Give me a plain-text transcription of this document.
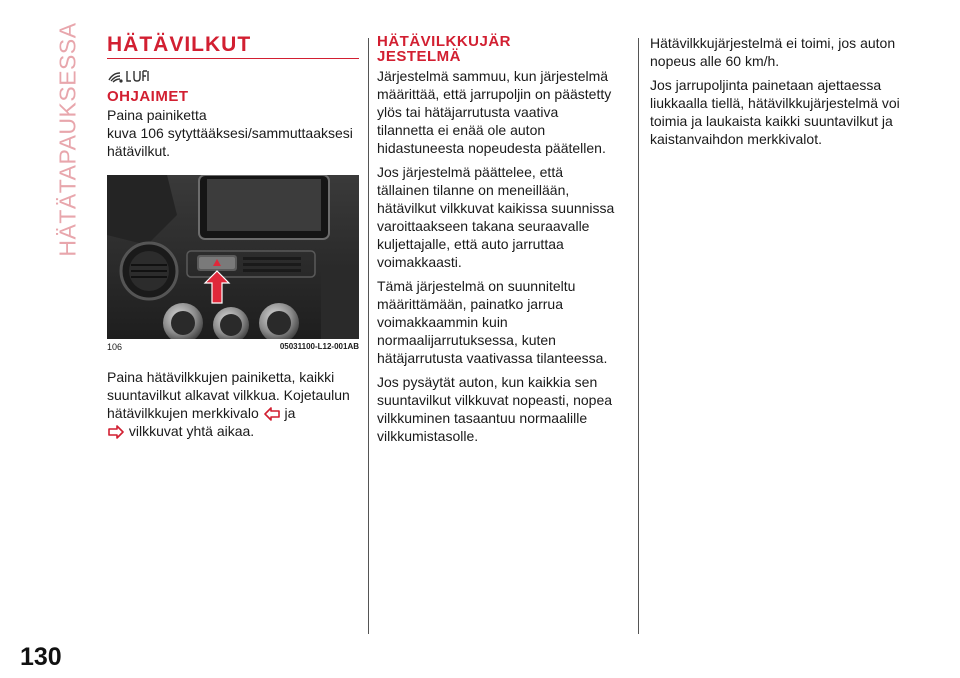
HÄTÄTAPAUKSESSA HÄTÄVILKUT
OHJAIMET

Paina painiketta
kuva 106 sytyttääksesi/sammuttaaksesi
hätävilkut.

106	05031100-L12-001AB

Paina hätävilkkujen painiketta, kaikki suuntavilkut alkavat vilkkua. Kojetaulun hätävilkkujen merkkivalo ja
vilkkuvat yhtä aikaa.

HÄTÄVILKKUJÄR
JESTELMÄ

Järjestelmä sammuu, kun järjestelmä määrittää, että jarrupoljin on päästetty ylös tai hätäjarrutusta vaativa tilannetta ei enää ole auton hidastuneesta nopeudesta päätellen.

Jos järjestelmä päättelee, että tällainen tilanne on meneillään, hätävilkut vilkkuvat kaikissa suunnissa varoittaakseen takana seuraavalle kuljettajalle, että auto jarruttaa voimakkaasti.

Tämä järjestelmä on suunniteltu määrittämään, painatko jarrua voimakkaammin kuin normaalijarrutuksessa, kuten hätäjarrutusta vaativassa tilanteessa.

Jos pysäytät auton, kun kaikkia sen suuntavilkut vilkkuvat nopeasti, nopea vilkkuminen tasaantuu normaalille vilkkumistasolle.

Hätävilkkujärjestelmä ei toimi, jos auton nopeus alle 60 km/h.

Jos jarrupoljinta painetaan ajettaessa liukkaalla tiellä, hätävilkkujärjestelmä voi toimia ja laukaista kaikki suuntavilkut ja kaistanvaihdon merkkivalot.

130
